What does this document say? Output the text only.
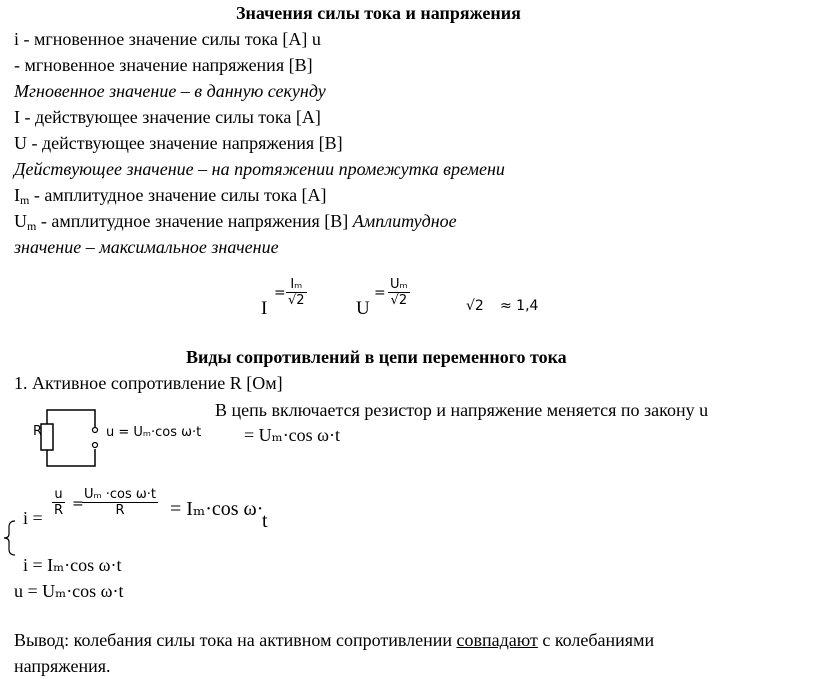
Значения силы тока и напряжения
i - мгновенное значение силы тока [A] u
- мгновенное значение напряжения [B]
Мгновенное значение – в данную секунду
I - действующее значение силы тока [A]
U - действующее значение напряжения [B]
Действующее значение – на протяжении промежутка времени
$I_m$ - амплитудное значение силы тока [A]
$U_m$ - амплитудное значение напряжения [B] Амплитудное
значение – максимальное значение
I
= $\frac{\text{Iₘ}}{√2}$	U
= $\frac{\text{Uₘ}}{√2}$	√2 ≈ 1,4
Виды сопротивлений в цепи переменного тока
1. Активное сопротивление R [Ом]
R	u = Uₘ·cos ω·t
В цепь включается резистор и напряжение меняется по закону u
= Uₘ·cos ω·t
$i = \frac{u}{R}$ =
$\frac{\text{Uₘ ·cos ω·t}}{R} = I_m\cdot\cos$ ω·
t
i = Iₘ·cos ω·t
u = Uₘ·cos ω·t
Вывод: колебания силы тока на активном сопротивлении совпадают с колебаниями
напряжения.
